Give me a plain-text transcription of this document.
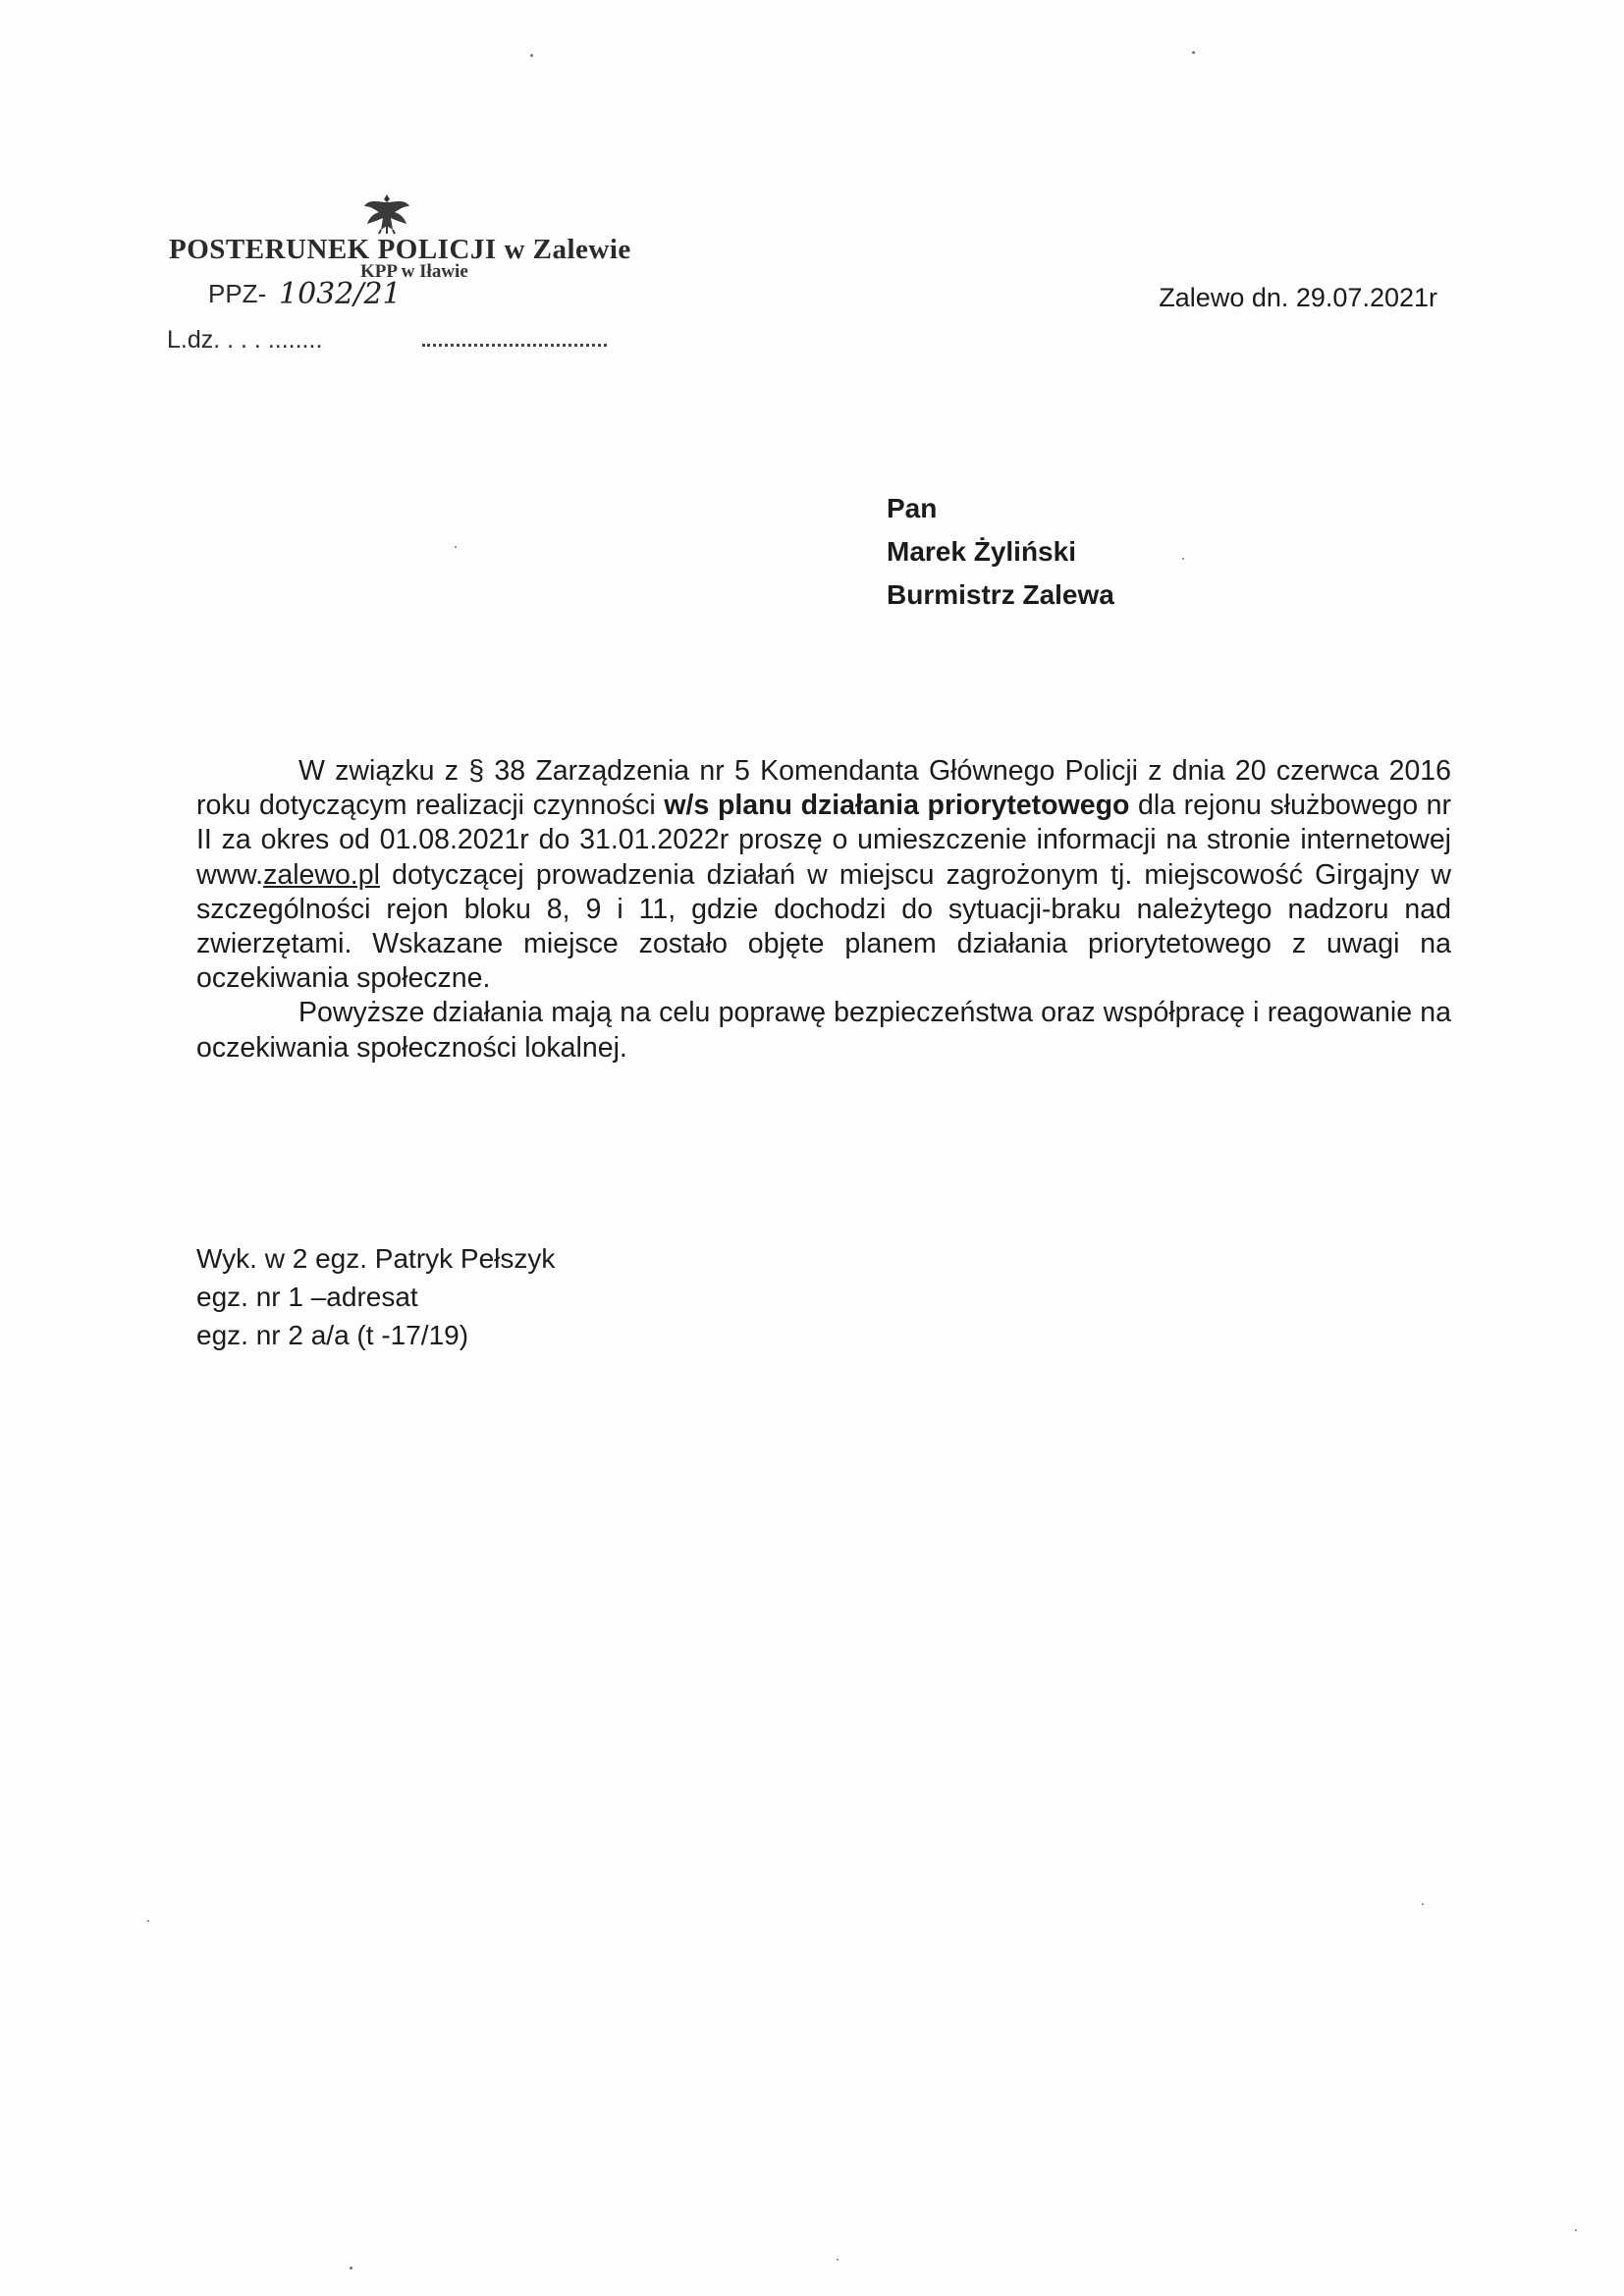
POSTERUNEK POLICJI w Zalewie
PPZ- 1032/21
KPP w Iławie
L.dz. . . . ........
Zalewo dn. 29.07.2021r
Pan
Marek Żyliński
Burmistrz Zalewa

W związku z § 38 Zarządzenia nr 5 Komendanta Głównego Policji z dnia 20 czerwca 2016 roku dotyczącym realizacji czynności w/s planu działania priorytetowego dla rejonu służbowego nr II za okres od 01.08.2021r do 31.01.2022r proszę o umieszczenie informacji na stronie internetowej www.zalewo.pl dotyczącej prowadzenia działań w miejscu zagrożonym tj. miejscowość Girgajny w szczególności rejon bloku 8, 9 i 11, gdzie dochodzi do sytuacji-braku należytego nadzoru nad zwierzętami. Wskazane miejsce zostało objęte planem działania priorytetowego z uwagi na oczekiwania społeczne.

Powyższe działania mają na celu poprawę bezpieczeństwa oraz współpracę i reagowanie na oczekiwania społeczności lokalnej.

Wyk. w 2 egz. Patryk Pełszyk
egz. nr 1 –adresat
egz. nr 2 a/a (t -17/19)
